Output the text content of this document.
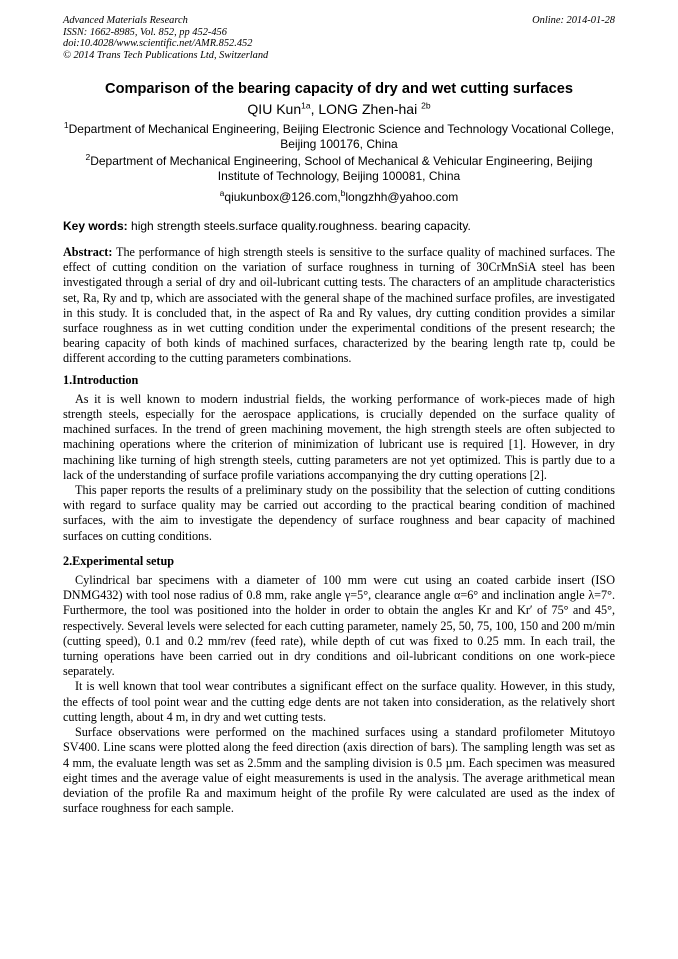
Advanced Materials Research
ISSN: 1662-8985, Vol. 852, pp 452-456
doi:10.4028/www.scientific.net/AMR.852.452
© 2014 Trans Tech Publications Ltd, Switzerland
Online: 2014-01-28
Comparison of the bearing capacity of dry and wet cutting surfaces
QIU Kun$^{1a}$, LONG Zhen-hai $^{2b}$
$^1$Department of Mechanical Engineering, Beijing Electronic Science and Technology Vocational College, Beijing 100176, China
$^2$Department of Mechanical Engineering, School of Mechanical & Vehicular Engineering, Beijing Institute of Technology, Beijing 100081, China
$^a$qiukunbox@126.com,$^b$longzhh@yahoo.com
Key words: high strength steels.surface quality.roughness. bearing capacity.

Abstract: The performance of high strength steels is sensitive to the surface quality of machined surfaces. The effect of cutting condition on the variation of surface roughness in turning of 30CrMnSiA steel has been investigated through a serial of dry and oil-lubricant cutting tests. The characters of an amplitude characteristics set, Ra, Ry and tp, which are associated with the general shape of the machined surface profiles, are investigated in this study. It is concluded that, in the aspect of Ra and Ry values, dry cutting condition provides a similar surface roughness as in wet cutting condition under the experimental conditions of the present research; the bearing capacity of both kinds of machined surfaces, characterized by the bearing length rate tp, could be different according to the cutting parameters combinations.

1.Introduction

As it is well known to modern industrial fields, the working performance of work-pieces made of high strength steels, especially for the aerospace applications, is crucially depended on the surface quality of machined surfaces. In the trend of green machining movement, the high strength steels are often subjected to machining operations where the criterion of minimization of lubricant use is required [1]. However, in dry machining like turning of high strength steels, cutting parameters are not yet optimized. This is partly due to a lack of the understanding of surface profile variations accompanying the dry cutting operations [2].

This paper reports the results of a preliminary study on the possibility that the selection of cutting conditions with regard to surface quality may be carried out according to the practical bearing condition of machined surfaces, with the aim to investigate the dependency of surface roughness and bear capacity of machined surfaces on cutting conditions.

2.Experimental setup

Cylindrical bar specimens with a diameter of 100 mm were cut using an coated carbide insert (ISO DNMG432) with tool nose radius of 0.8 mm, rake angle γ=5°, clearance angle α=6° and inclination angle λ=7°. Furthermore, the tool was positioned into the holder in order to obtain the angles Kr and Kr′ of 75° and 45°, respectively. Several levels were selected for each cutting parameter, namely 25, 50, 75, 100, 150 and 200 m/min (cutting speed), 0.1 and 0.2 mm/rev (feed rate), while depth of cut was fixed to 0.25 mm. In each trail, the turning operations have been carried out in dry conditions and oil-lubricant conditions on one work-piece separately.

It is well known that tool wear contributes a significant effect on the surface quality. However, in this study, the effects of tool point wear and the cutting edge dents are not taken into consideration, as the relatively short cutting length, about 4 m, in dry and wet cutting tests.

Surface observations were performed on the machined surfaces using a standard profilometer Mitutoyo SV400. Line scans were plotted along the feed direction (axis direction of bars). The sampling length was set as 4 mm, the evaluate length was set as 2.5mm and the sampling division is 0.5 µm. Each specimen was measured eight times and the average value of eight measurements is used in the analysis. The average arithmetical mean deviation of the profile Ra and maximum height of the profile Ry were calculated are used as the index of surface roughness for each sample.
